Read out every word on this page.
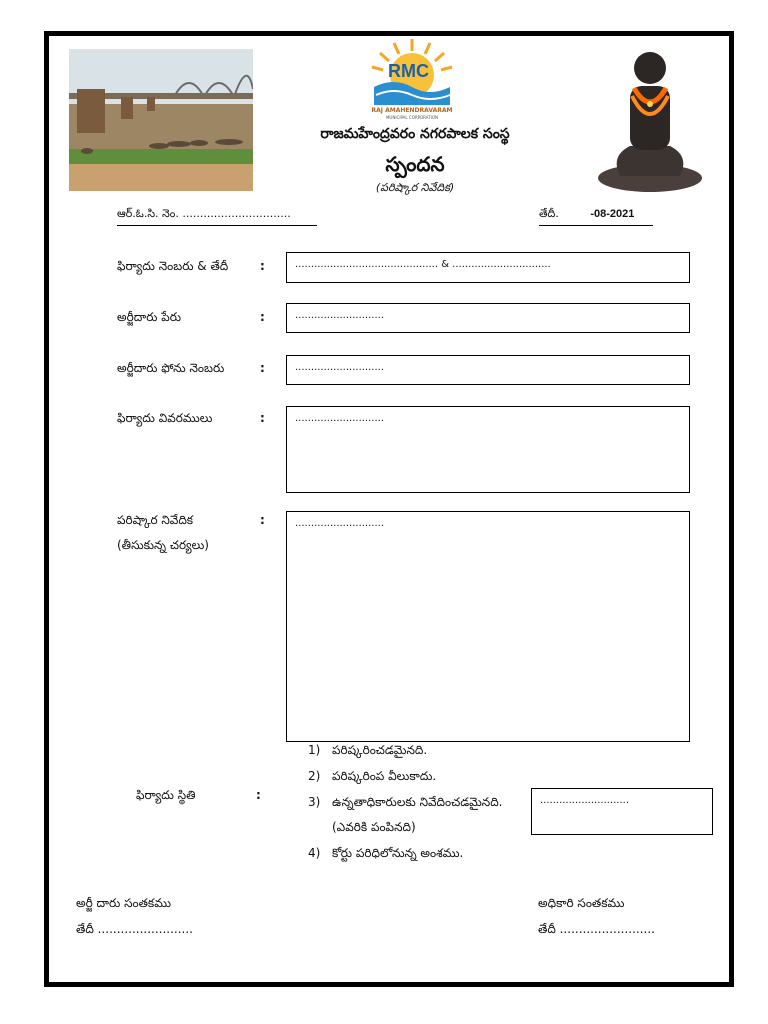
RMC
RAJ AMAHENDRAVARAM
MUNICIPAL CORPORATION
రాజమహేంద్రవరం నగరపాలక సంస్థ
స్పందన
(పరిష్కార నివేదిక)
ఆర్.ఓ.సి. నెం. ...............................	తేదీ.	-08-2021
ఫిర్యాదు నెంబరు & తేదీ	:	............................................. & ...............................
అర్జీదారు పేరు	:	............................
అర్జీదారు ఫోను నెంబరు	:	............................
ఫిర్యాదు వివరములు	:	............................
పరిష్కార నివేదిక
(తీసుకున్న చర్యలు)
:	............................
ఫిర్యాదు స్థితి	:
1) పరిష్కరించడమైనది.
2) పరిష్కరింప వీలుకాదు.
3) ఉన్నతాధికారులకు నివేదించడమైనది.
(ఎవరికి పంపినది)
4) కోర్టు పరిధిలోనున్న అంశము.
............................
అర్జీ దారు సంతకము
తేదీ .........................
అధికారి సంతకము
తేదీ .........................
